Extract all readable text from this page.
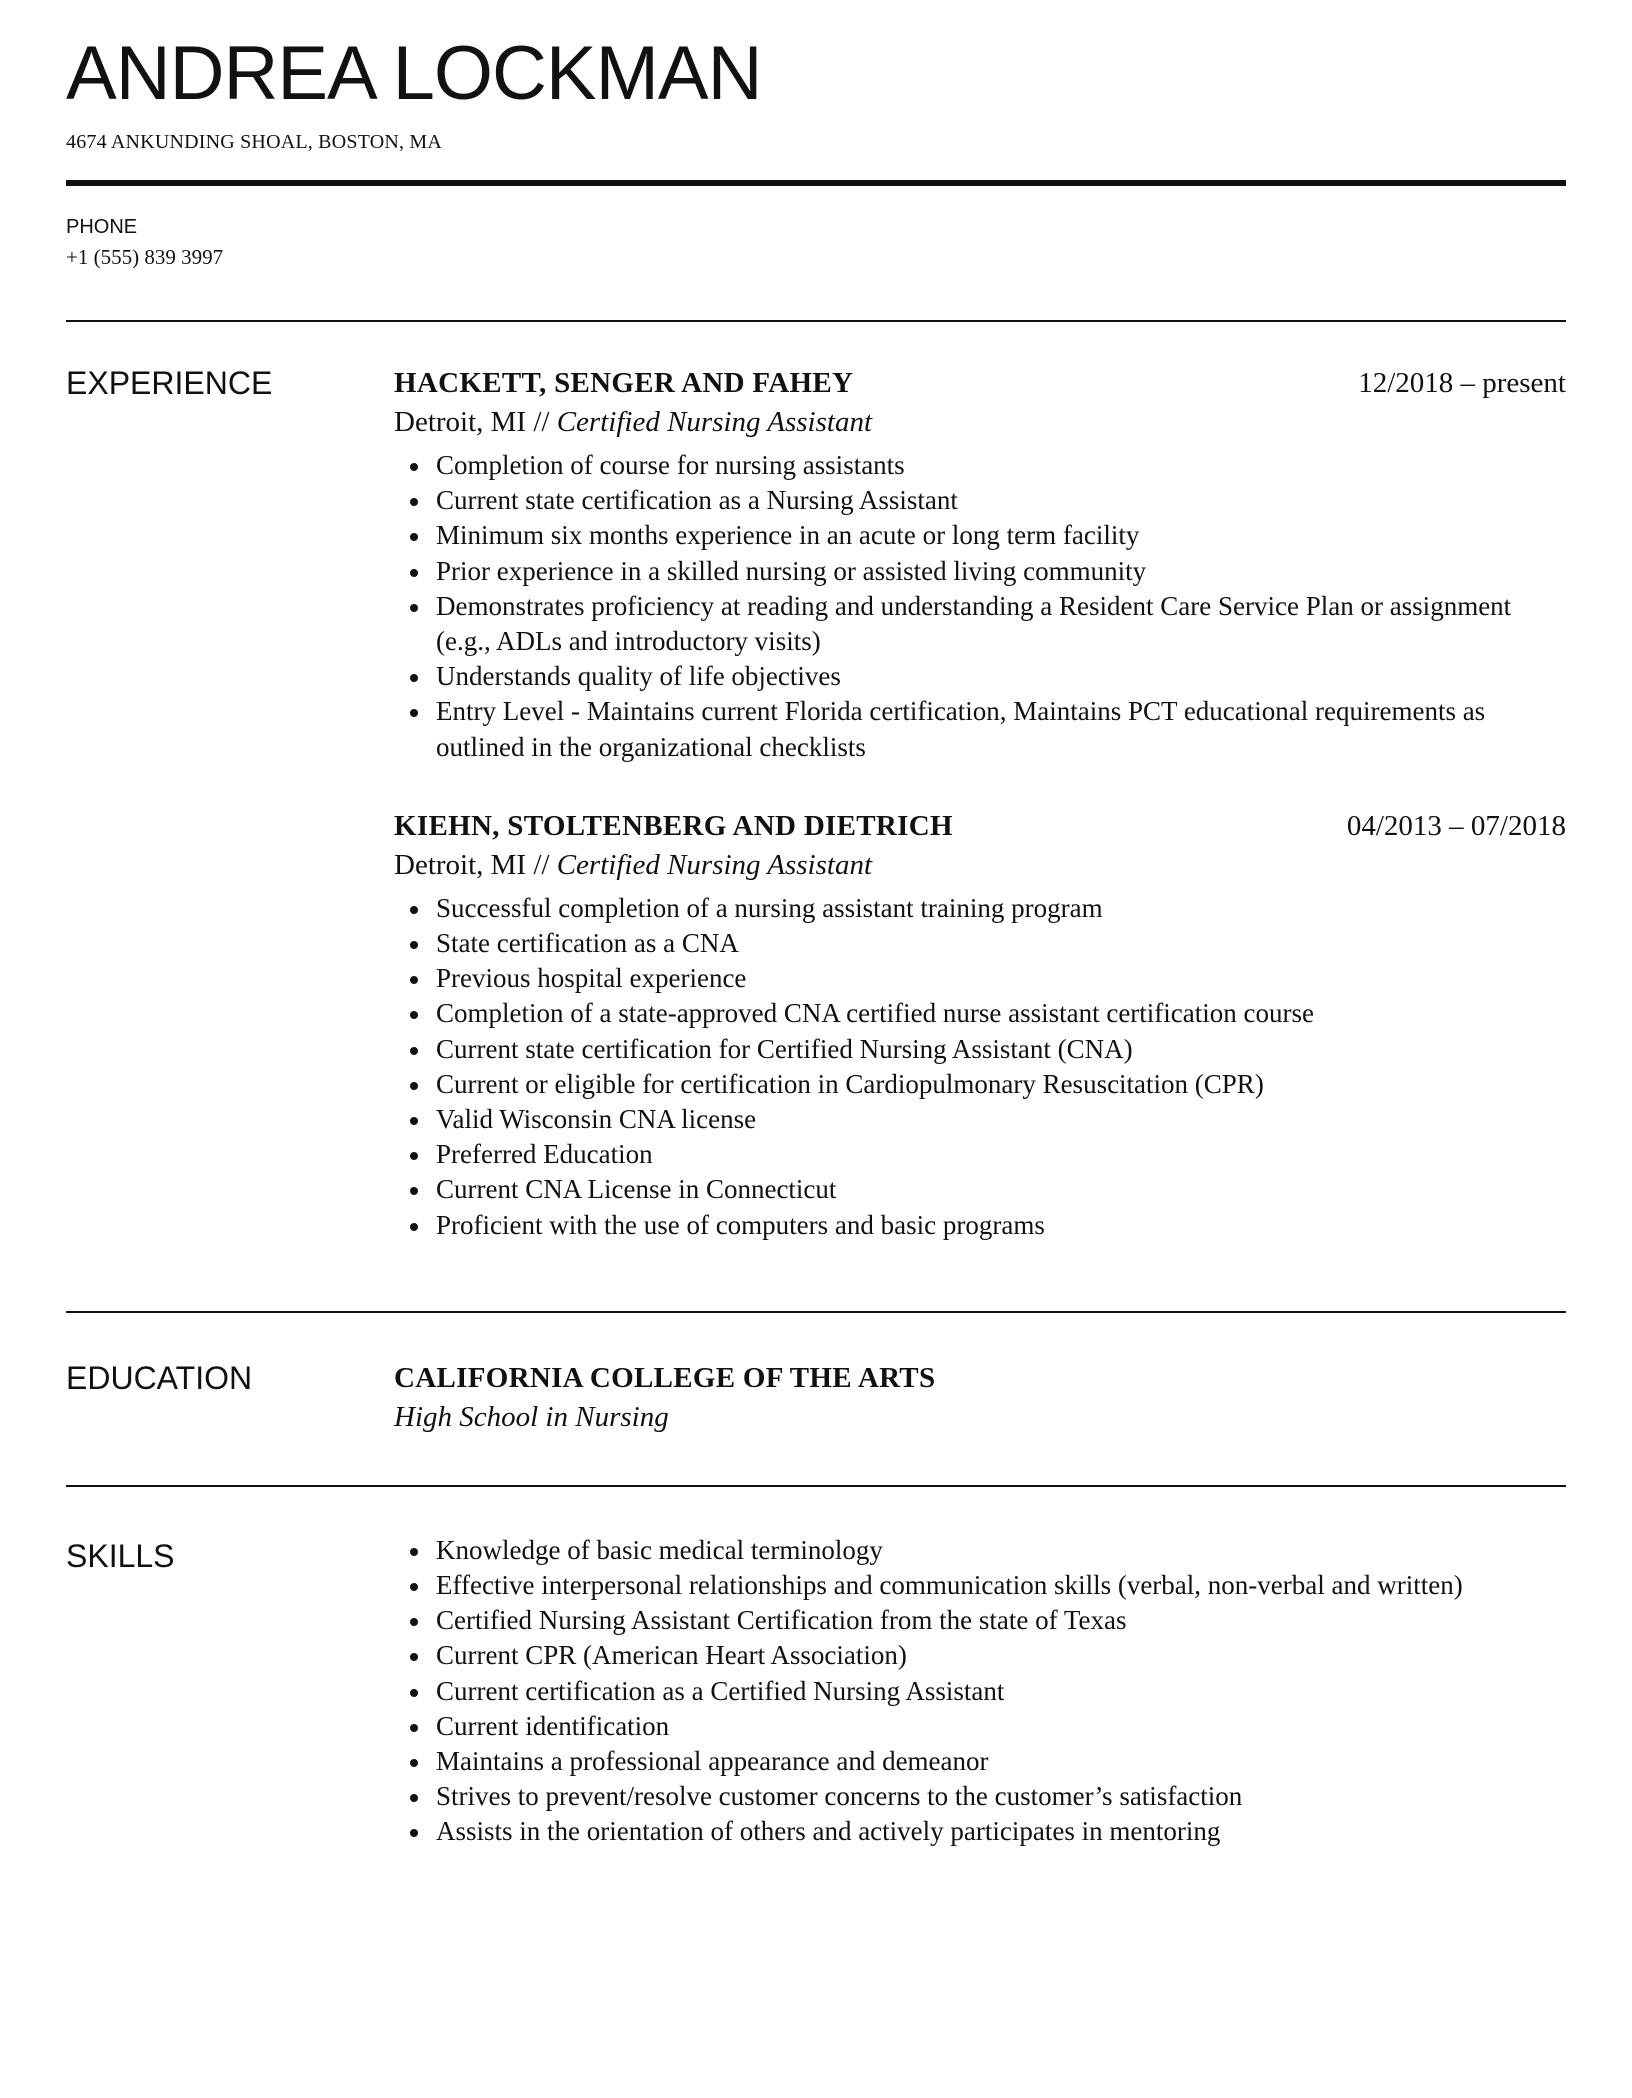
ANDREA LOCKMAN
4674 ANKUNDING SHOAL, BOSTON, MA
PHONE
+1 (555) 839 3997
EXPERIENCE	HACKETT, SENGER AND FAHEY	12/2018 – present
Detroit, MI // Certified Nursing Assistant
Completion of course for nursing assistants
Current state certification as a Nursing Assistant
Minimum six months experience in an acute or long term facility
Prior experience in a skilled nursing or assisted living community
Demonstrates proficiency at reading and understanding a Resident Care Service Plan or assignment (e.g., ADLs and introductory visits)
Understands quality of life objectives
Entry Level - Maintains current Florida certification, Maintains PCT educational requirements as outlined in the organizational checklists
KIEHN, STOLTENBERG AND DIETRICH	04/2013 – 07/2018
Detroit, MI // Certified Nursing Assistant
Successful completion of a nursing assistant training program
State certification as a CNA
Previous hospital experience
Completion of a state-approved CNA certified nurse assistant certification course
Current state certification for Certified Nursing Assistant (CNA)
Current or eligible for certification in Cardiopulmonary Resuscitation (CPR)
Valid Wisconsin CNA license
Preferred Education
Current CNA License in Connecticut
Proficient with the use of computers and basic programs
EDUCATION	CALIFORNIA COLLEGE OF THE ARTS
High School in Nursing
SKILLS	Knowledge of basic medical terminology
Effective interpersonal relationships and communication skills (verbal, non-verbal and written)
Certified Nursing Assistant Certification from the state of Texas
Current CPR (American Heart Association)
Current certification as a Certified Nursing Assistant
Current identification
Maintains a professional appearance and demeanor
Strives to prevent/resolve customer concerns to the customer’s satisfaction
Assists in the orientation of others and actively participates in mentoring
